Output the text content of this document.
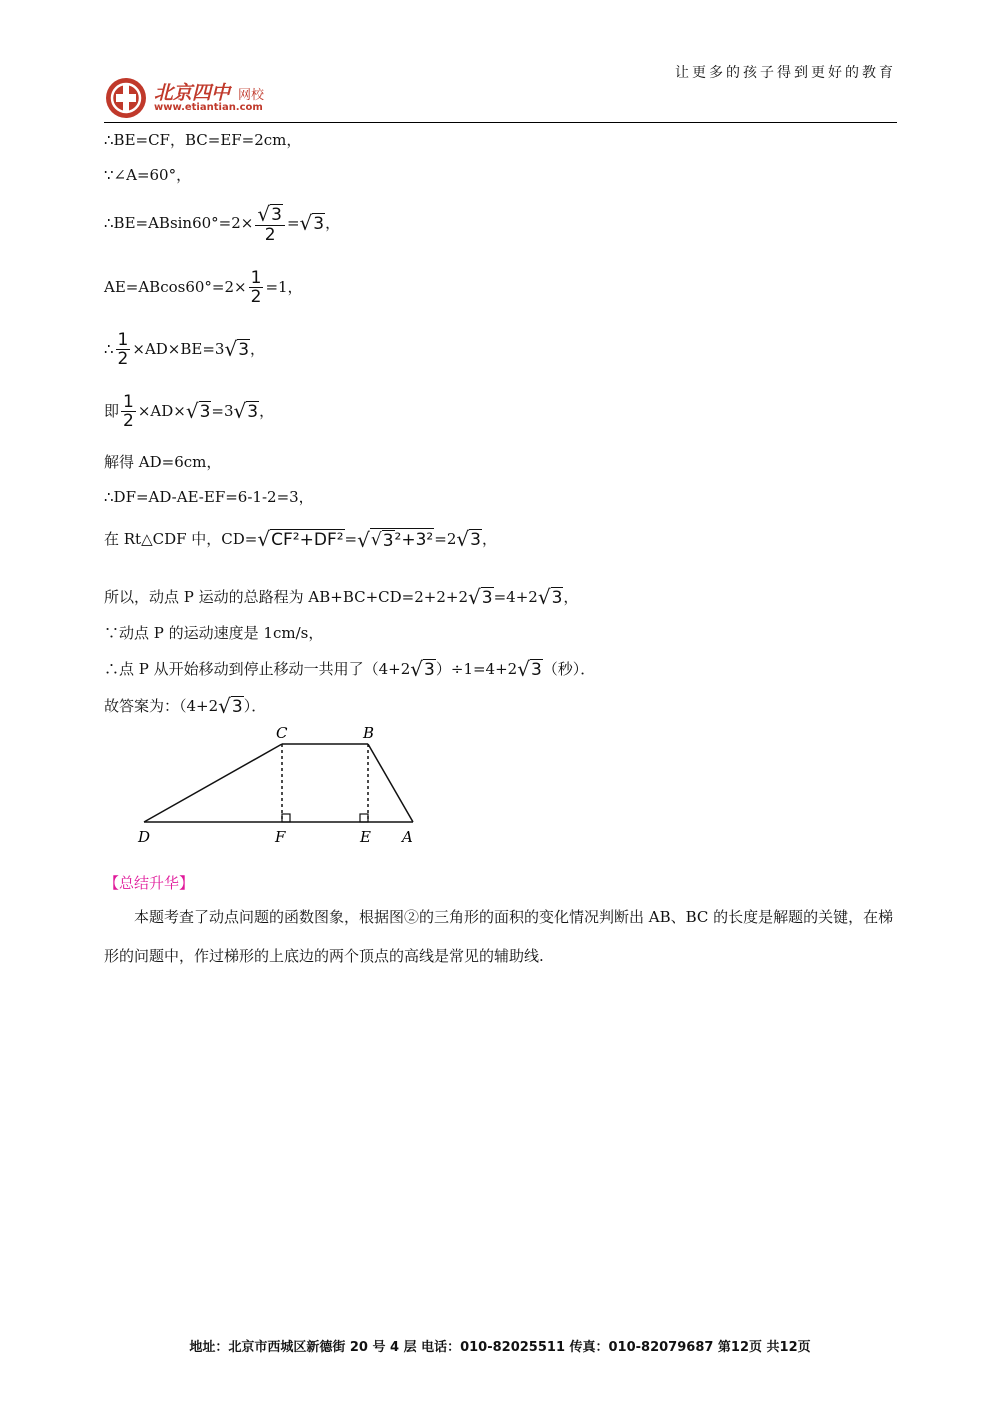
北京四中 网校
www.etiantian.com
让更多的孩子得到更好的教育
∴BE=CF，BC=EF=2cm，
∵∠A=60°，
∴BE=ABsin60°=2× $\frac{√ 3}{2}$ = √ 3 ，
$AE=ABcos60^\circ=2\times \frac{1}{2} =1$，
∴ $\frac{1}{2} \times AD\times BE=3$ √ 3 ，
即 $\frac{1}{2} \times AD\times$ √ 3 =3 √ 3 ，
解得 AD=6cm，
∴DF=AD-AE-EF=6-1-2=3，
在 Rt△CDF 中，CD= √ CF²+DF² = √ √ 3 ²+3² =2 √ 3 ，
所以，动点 P 运动的总路程为 AB+BC+CD=2+2+2 √ 3 =4+2 √ 3 ，
∵动点 P 的运动速度是 1cm/s，
∴点 P 从开始移动到停止移动一共用了（4+2 √ 3 ）÷1=4+2 √ 3 （秒）．
故答案为：（4+2 √ 3 ）．
C	B
D	F	E A
【总结升华】
本题考查了动点问题的函数图象，根据图②的三角形的面积的变化情况判断出 AB、BC 的长度是解题的关键，在梯形的问题中，作过梯形的上底边的两个顶点的高线是常见的辅助线.
地址：北京市西城区新德街 20 号 4 层 电话：010-82025511 传真：010-82079687 第12页 共12页
